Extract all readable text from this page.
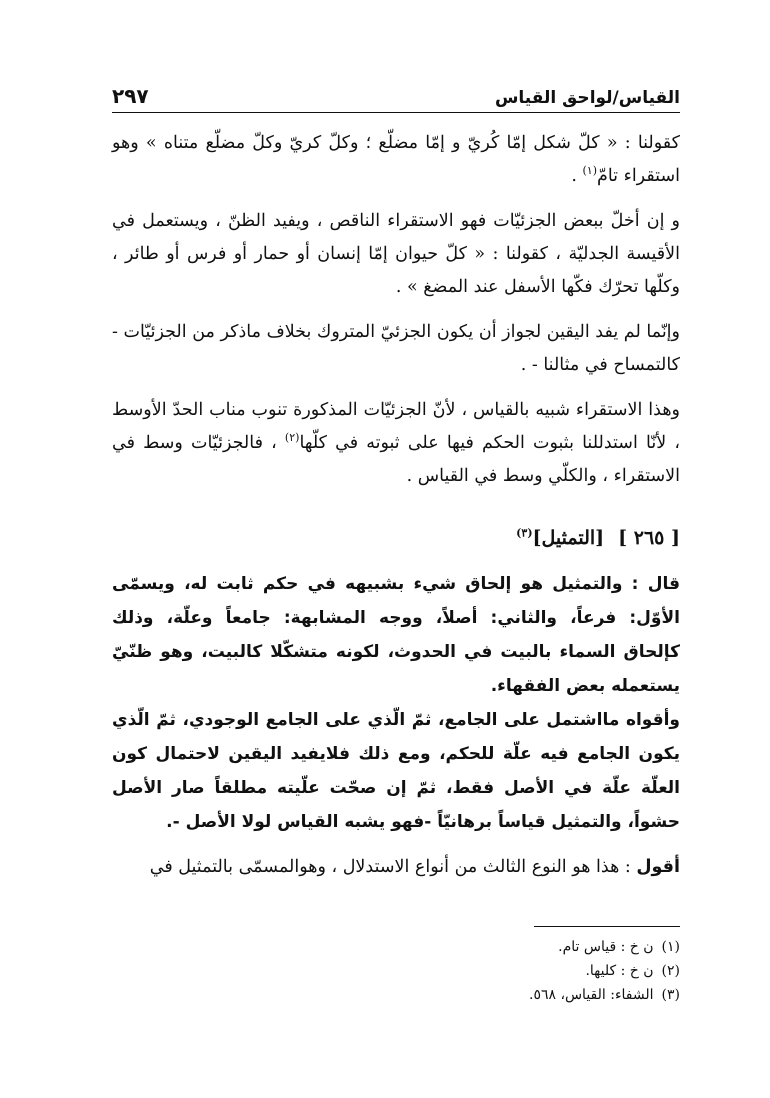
القياس/لواحق القياس
٢٩٧

كقولنا : « كلّ شكل إمّا كُريّ و إمّا مضلّع ؛ وكلّ كريّ وكلّ مضلّع متناه » وهو استقراء تامّ$^{(١)}$ .

و إن أخلّ ببعض الجزئيّات فهو الاستقراء الناقص ، ويفيد الظنّ ، ويستعمل في الأقيسة الجدليّة ، كقولنا : « كلّ حيوان إمّا إنسان أو حمار أو فرس أو طائر ، وكلّها تحرّك فكّها الأسفل عند المضغ » .

وإنّما لم يفد اليقين لجواز أن يكون الجزئيّ المتروك بخلاف ماذكر من الجزئيّات - كالتمساح في مثالنا - .

وهذا الاستقراء شبيه بالقياس ، لأنّ الجزئيّات المذكورة تنوب مناب الحدّ الأوسط ، لأنّا استدللنا بثبوت الحكم فيها على ثبوته في كلّها$^{(٢)}$ ، فالجزئيّات وسط في الاستقراء ، والكلّي وسط في القياس .

[ ٢٦٥ ][التمثيل]$^{(٣)}$

قال : والتمثيل هو إلحاق شيء بشبيهه في حكم ثابت له، ويسمّى الأوّل: فرعاً، والثاني: أصلاً، ووجه المشابهة: جامعاً وعلّة، وذلك كإلحاق السماء بالبيت في الحدوث، لكونه متشكّلا كالبيت، وهو ظنّيّ يستعمله بعض الفقهاء.

وأقواه مااشتمل على الجامع، ثمّ الّذي على الجامع الوجودي، ثمّ الّذي يكون الجامع فيه علّة للحكم، ومع ذلك فلايفيد اليقين لاحتمال كون العلّة علّة في الأصل فقط، ثمّ إن صحّت علّيته مطلقاً صار الأصل حشواً، والتمثيل قياساً برهانيّاً -فهو يشبه القياس لولا الأصل -.

أقول : هذا هو النوع الثالث من أنواع الاستدلال ، وهوالمسمّى بالتمثيل في

(١)ن خ : قياس تام.

(٢)ن خ : كليها.

(٣)الشفاء: القياس، ٥٦٨.
